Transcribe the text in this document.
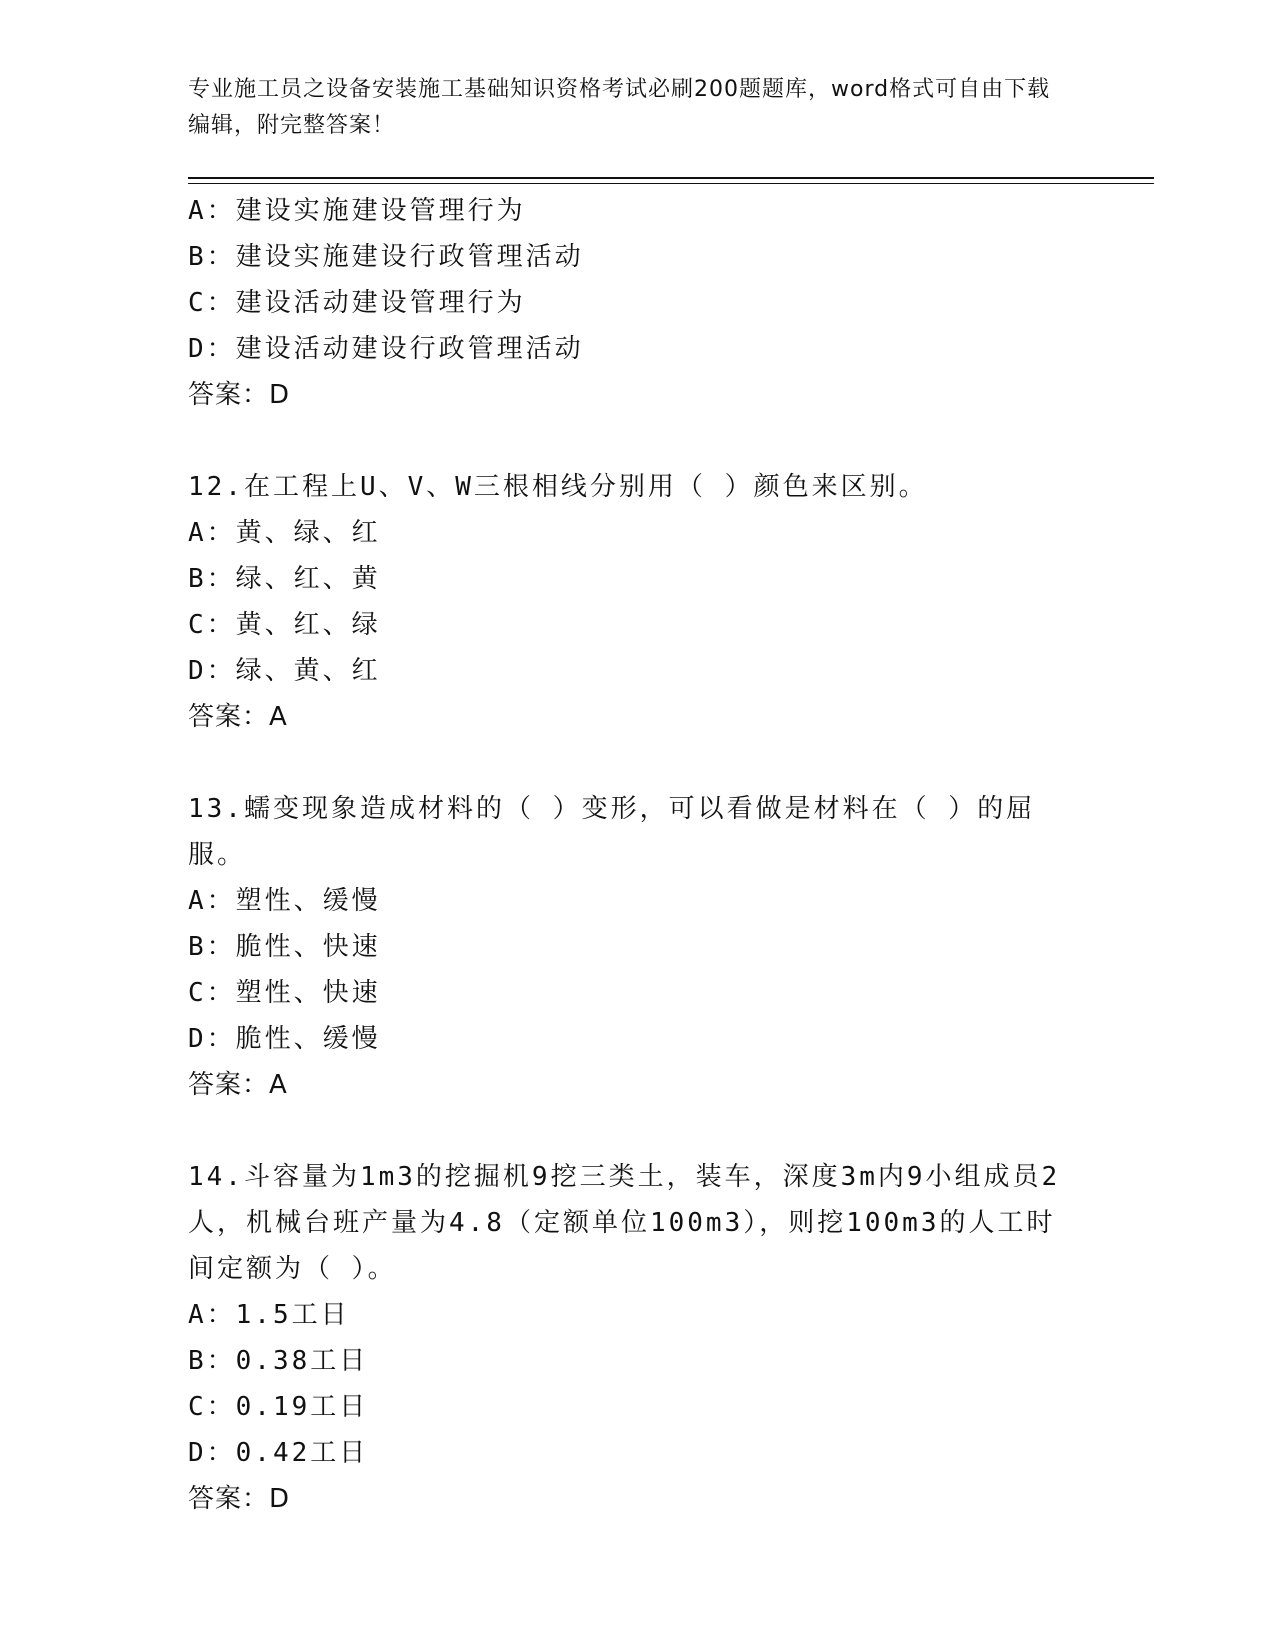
专业施工员之设备安装施工基础知识资格考试必刷200题题库，word格式可自由下载编辑，附完整答案！
A：建设实施建设管理行为
B：建设实施建设行政管理活动
C：建设活动建设管理行为
D：建设活动建设行政管理活动
答案：D
12.在工程上U、V、W三根相线分别用（ ）颜色来区别。
A：黄、绿、红
B：绿、红、黄
C：黄、红、绿
D：绿、黄、红
答案：A
13.蠕变现象造成材料的（ ）变形，可以看做是材料在（ ）的屈服。
A：塑性、缓慢
B：脆性、快速
C：塑性、快速
D：脆性、缓慢
答案：A
14.斗容量为1m3的挖掘机9挖三类土，装车，深度3m内9小组成员2人，机械台班产量为4.8（定额单位100m3），则挖100m3的人工时间定额为（ ）。
A：1.5工日
B：0.38工日
C：0.19工日
D：0.42工日
答案：D
